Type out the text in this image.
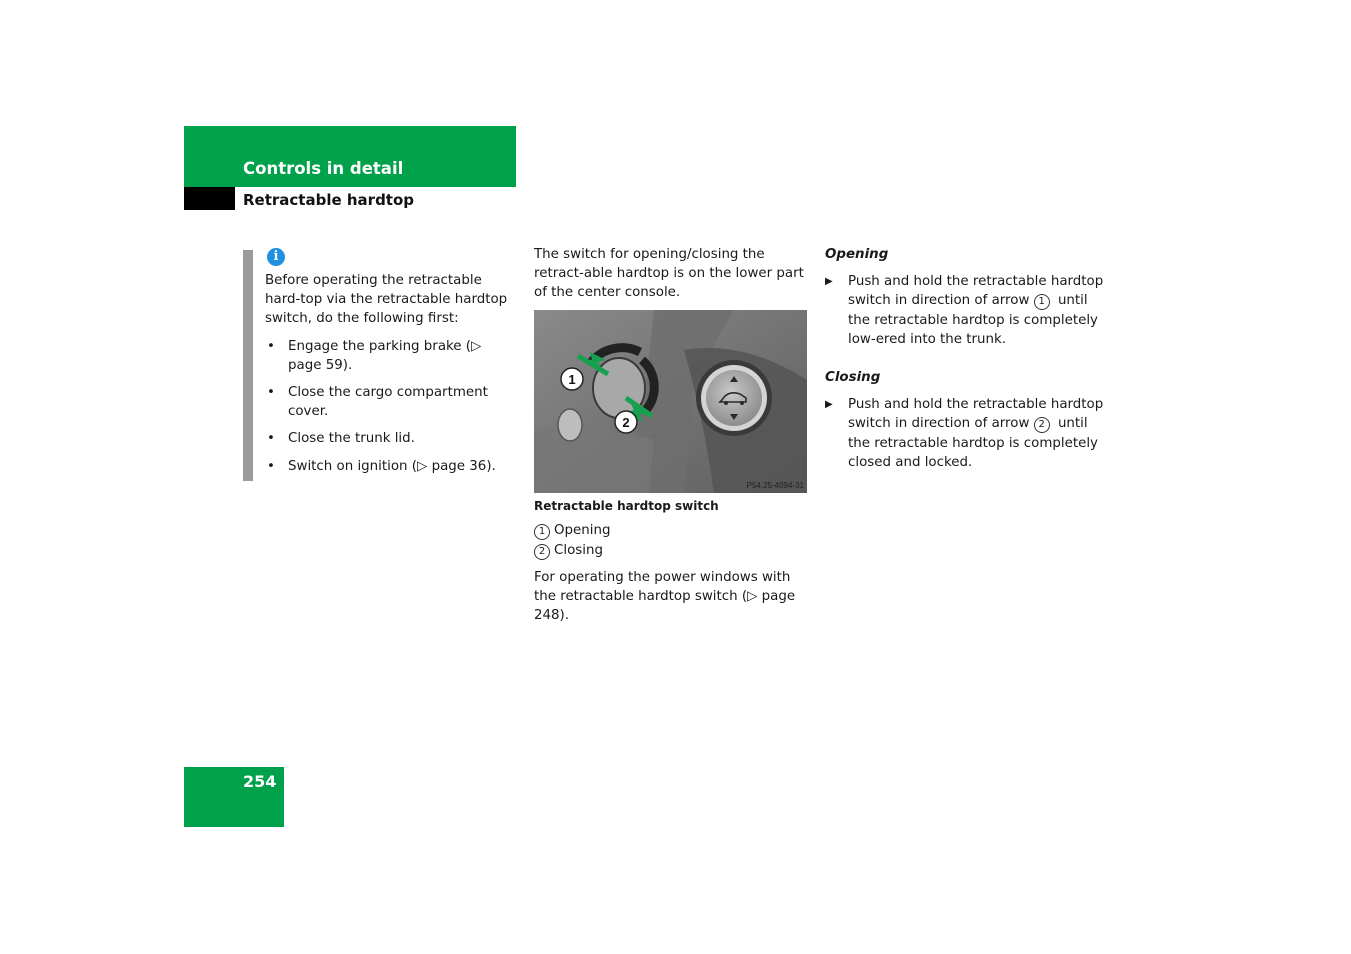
Controls in detail
Retractable hardtop
i

Before operating the retractable hard-top via the retractable hardtop switch, do the following first:

• Engage the parking brake (▷ page 59).
• Close the cargo compartment cover.
• Close the trunk lid.
• Switch on ignition (▷ page 36).

The switch for opening/closing the retract-able hardtop is on the lower part of the center console.

1
2
P54.25-4094-31
Retractable hardtop switch
1 Opening
2 Closing

For operating the power windows with the retractable hardtop switch (▷ page 248).

Opening
▶ Push and hold the retractable hardtop switch in direction of arrow 1 until the retractable hardtop is completely low-ered into the trunk.
Closing
▶ Push and hold the retractable hardtop switch in direction of arrow 2 until the retractable hardtop is completely closed and locked.
254
